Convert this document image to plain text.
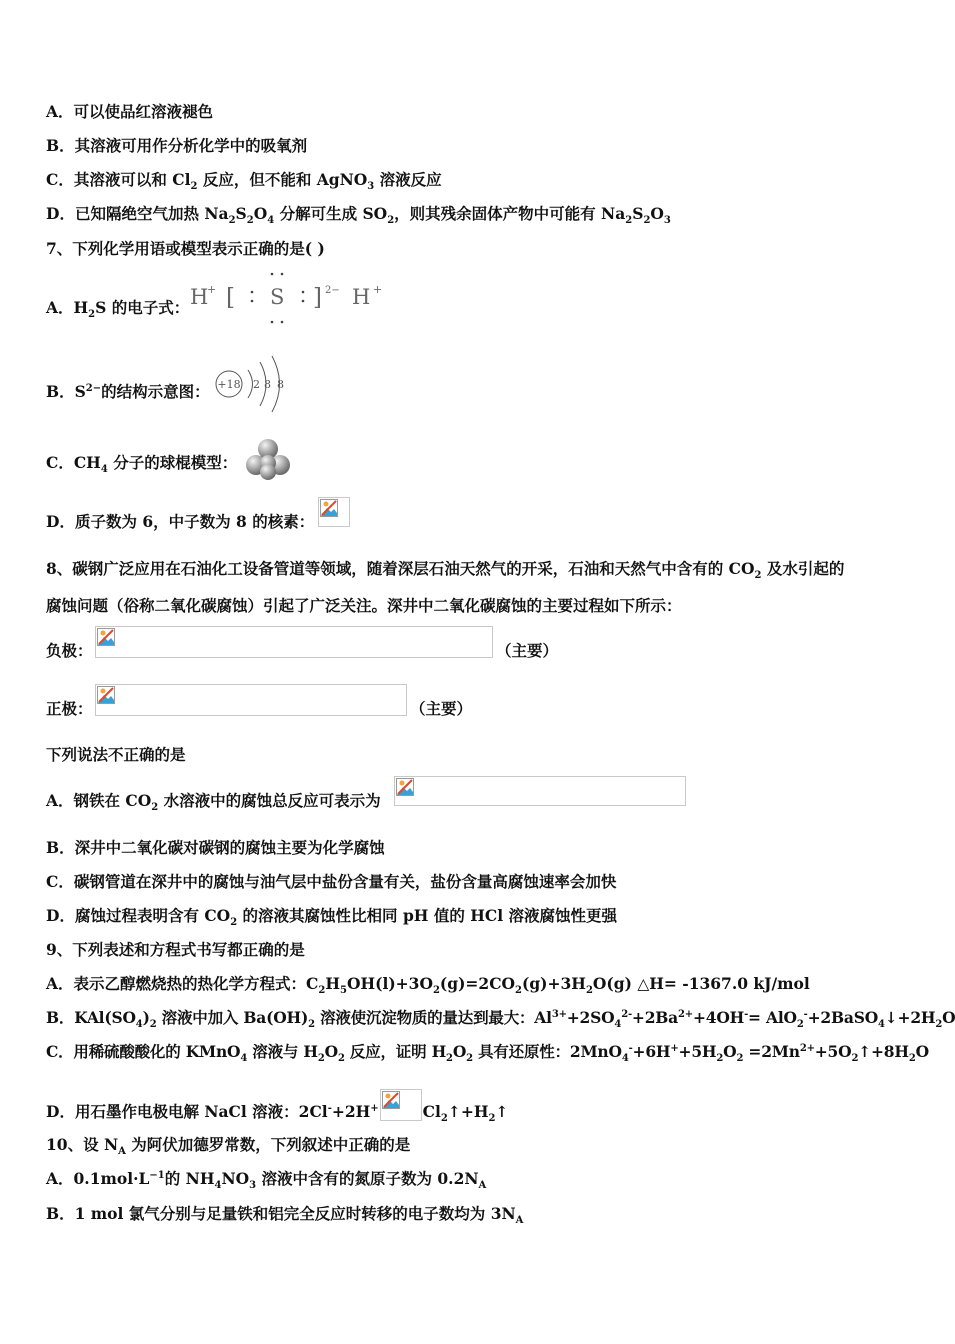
A．可以使品红溶液褪色
B．其溶液可用作分析化学中的吸氧剂
C．其溶液可以和 $Cl_2$ 反应，但不能和 AgNO$_3$ 溶液反应
D．已知隔绝空气加热 $Na_2S_2O_4$ 分解可生成 $SO_2$，则其残余固体产物中可能有 $Na_2S_2O_3$
7、下列化学用语或模型表示正确的是( )
A．$H_2S$ 的电子式： H
+ [ S ] 2− H +
B．$S^{2-}$的结构示意图： +18 2 8 8
C．$CH_4$ 分子的球棍模型：
D．质子数为 6，中子数为 8 的核素：
8、碳钢广泛应用在石油化工设备管道等领域，随着深层石油天然气的开采，石油和天然气中含有的 $CO_2$ 及水引起的
腐蚀问题（俗称二氧化碳腐蚀）引起了广泛关注。深井中二氧化碳腐蚀的主要过程如下所示：
负极：	（主要）
正极：	（主要）
下列说法不正确的是
A．钢铁在 $CO_2$ 水溶液中的腐蚀总反应可表示为
B．深井中二氧化碳对碳钢的腐蚀主要为化学腐蚀
C．碳钢管道在深井中的腐蚀与油气层中盐份含量有关，盐份含量高腐蚀速率会加快
D．腐蚀过程表明含有 $CO_2$ 的溶液其腐蚀性比相同 pH 值的 HCl 溶液腐蚀性更强
9、下列表述和方程式书写都正确的是
A．表示乙醇燃烧热的热化学方程式：$C_2H_5OH(l)+3O_2(g)=2CO_2(g)+3H_2O(g)$ △H= -1367.0 kJ/mol
B．$KAl(SO_4)_2$ 溶液中加入 $Ba(OH)_2$ 溶液使沉淀物质的量达到最大：$Al^{3+}+2SO_4^{2-}+2Ba^{2+}+4OH^-=$ $AlO_2^-+2BaSO_4↓+2H_2O$
C．用稀硫酸酸化的 KMnO$_4$ 溶液与 $H_2O_2$ 反应，证明 $H_2O_2$ 具有还原性：$2MnO_4^-+6H^++5H_2O_2$ $=2Mn^{2+}+5O_2↑+8H_2O$
D．用石墨作电极电解 NaCl 溶液：2Cl-+2H+	$Cl_2↑+H_2↑$
10、设 $N_A$ 为阿伏加德罗常数，下列叙述中正确的是
A．$0.1mol\cdot L^{-1}$的 $NH_4NO_3$ 溶液中含有的氮原子数为 $0.2N_A$
B．1 mol 氯气分别与足量铁和铝完全反应时转移的电子数均为 $3N_A$
